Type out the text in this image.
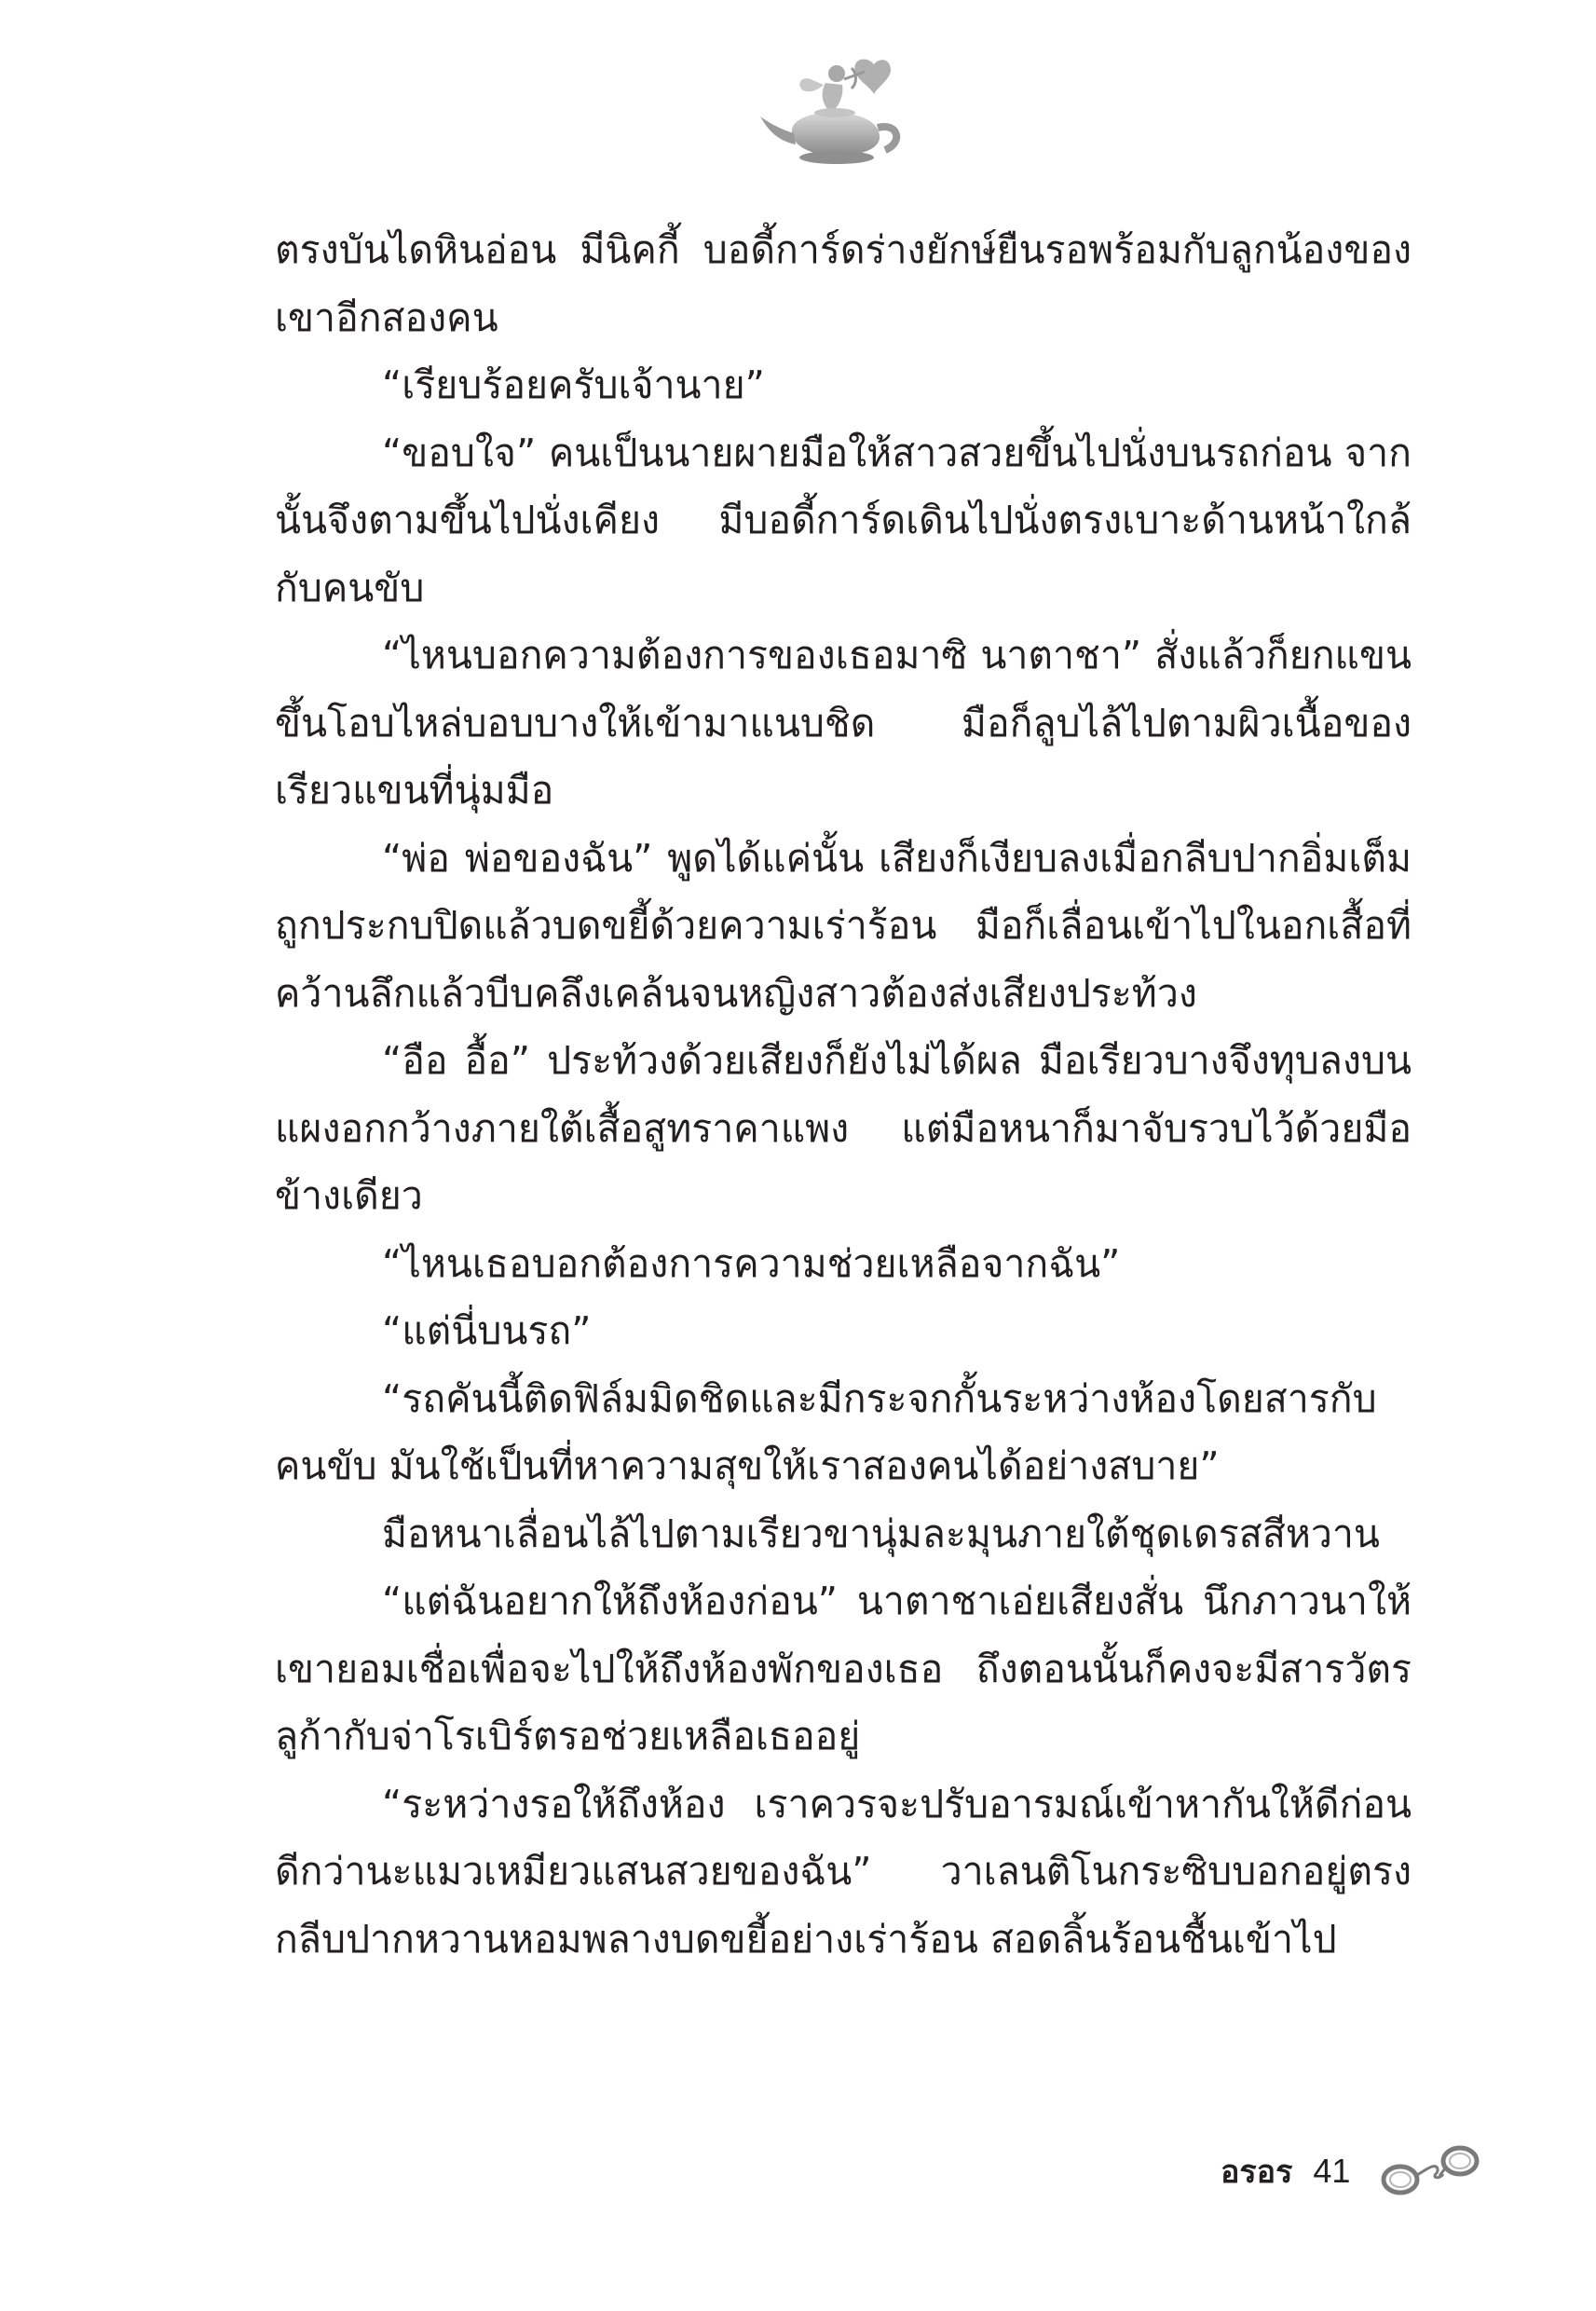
ตรงบันไดหินอ่อน มีนิคกี้ บอดี้การ์ดร่างยักษ์ยืนรอพร้อมกับลูกน้องของเขาอีกสองคน

“เรียบร้อยครับเจ้านาย”

“ขอบใจ” คนเป็นนายผายมือให้สาวสวยขึ้นไปนั่งบนรถก่อน จากนั้นจึงตามขึ้นไปนั่งเคียง มีบอดี้การ์ดเดินไปนั่งตรงเบาะด้านหน้าใกล้กับคนขับ

“ไหนบอกความต้องการของเธอมาซิ นาตาชา” สั่งแล้วก็ยกแขนขึ้นโอบไหล่บอบบางให้เข้ามาแนบชิด มือก็ลูบไล้ไปตามผิวเนื้อของเรียวแขนที่นุ่มมือ

“พ่อ พ่อของฉัน” พูดได้แค่นั้น เสียงก็เงียบลงเมื่อกลีบปากอิ่มเต็มถูกประกบปิดแล้วบดขยี้ด้วยความเร่าร้อน มือก็เลื่อนเข้าไปในอกเสื้อที่คว้านลึกแล้วบีบคลึงเคล้นจนหญิงสาวต้องส่งเสียงประท้วง

“อือ อื้อ” ประท้วงด้วยเสียงก็ยังไม่ได้ผล มือเรียวบางจึงทุบลงบนแผงอกกว้างภายใต้เสื้อสูทราคาแพง แต่มือหนาก็มาจับรวบไว้ด้วยมือข้างเดียว

“ไหนเธอบอกต้องการความช่วยเหลือจากฉัน”

“แต่นี่บนรถ”

“รถคันนี้ติดฟิล์มมิดชิดและมีกระจกกั้นระหว่างห้องโดยสารกับคนขับ มันใช้เป็นที่หาความสุขให้เราสองคนได้อย่างสบาย”

มือหนาเลื่อนไล้ไปตามเรียวขานุ่มละมุนภายใต้ชุดเดรสสีหวาน

“แต่ฉันอยากให้ถึงห้องก่อน” นาตาชาเอ่ยเสียงสั่น นึกภาวนาให้เขายอมเชื่อเพื่อจะไปให้ถึงห้องพักของเธอ ถึงตอนนั้นก็คงจะมีสารวัตรลูก้ากับจ่าโรเบิร์ตรอช่วยเหลือเธออยู่

“ระหว่างรอให้ถึงห้อง เราควรจะปรับอารมณ์เข้าหากันให้ดีก่อนดีกว่านะแมวเหมียวแสนสวยของฉัน” วาเลนติโนกระซิบบอกอยู่ตรงกลีบปากหวานหอมพลางบดขยี้อย่างเร่าร้อน สอดลิ้นร้อนชื้นเข้าไป

อรอร 41
